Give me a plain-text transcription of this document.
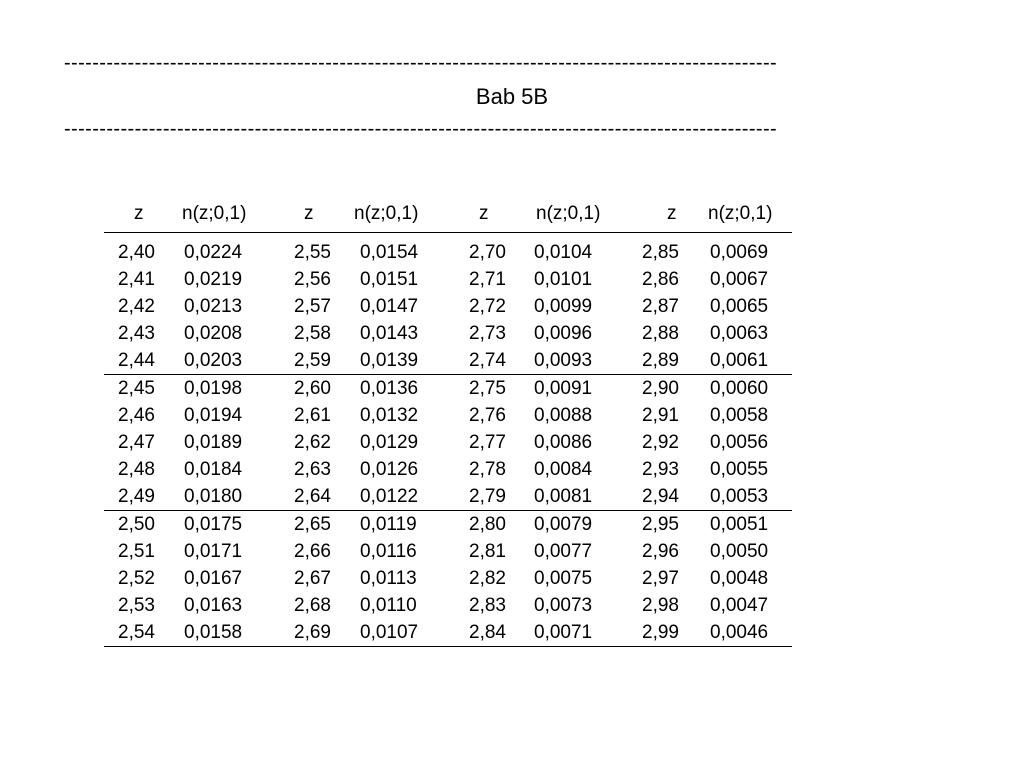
-----------------------------------------------------------------------------------------------------
Bab 5B
-----------------------------------------------------------------------------------------------------
z n(z;0,1)	z n(z;0,1)	z	n(z;0,1)	z n(z;0,1)
2,40 0,0224	2,55 0,0154	2,70 0,0104	2,85 0,0069
2,41 0,0219	2,56 0,0151	2,71 0,0101	2,86 0,0067
2,42 0,0213	2,57 0,0147	2,72 0,0099	2,87 0,0065
2,43 0,0208	2,58 0,0143	2,73 0,0096	2,88 0,0063
2,44 0,0203	2,59 0,0139	2,74 0,0093	2,89 0,0061
2,45 0,0198	2,60 0,0136	2,75 0,0091	2,90 0,0060
2,46 0,0194	2,61 0,0132	2,76 0,0088	2,91 0,0058
2,47 0,0189	2,62 0,0129	2,77 0,0086	2,92 0,0056
2,48 0,0184	2,63 0,0126	2,78 0,0084	2,93 0,0055
2,49 0,0180	2,64 0,0122	2,79 0,0081	2,94 0,0053
2,50 0,0175	2,65 0,0119	2,80 0,0079	2,95 0,0051
2,51 0,0171	2,66 0,0116	2,81 0,0077	2,96 0,0050
2,52 0,0167	2,67 0,0113	2,82 0,0075	2,97 0,0048
2,53 0,0163	2,68 0,0110	2,83 0,0073	2,98 0,0047
2,54 0,0158	2,69 0,0107	2,84 0,0071	2,99 0,0046
